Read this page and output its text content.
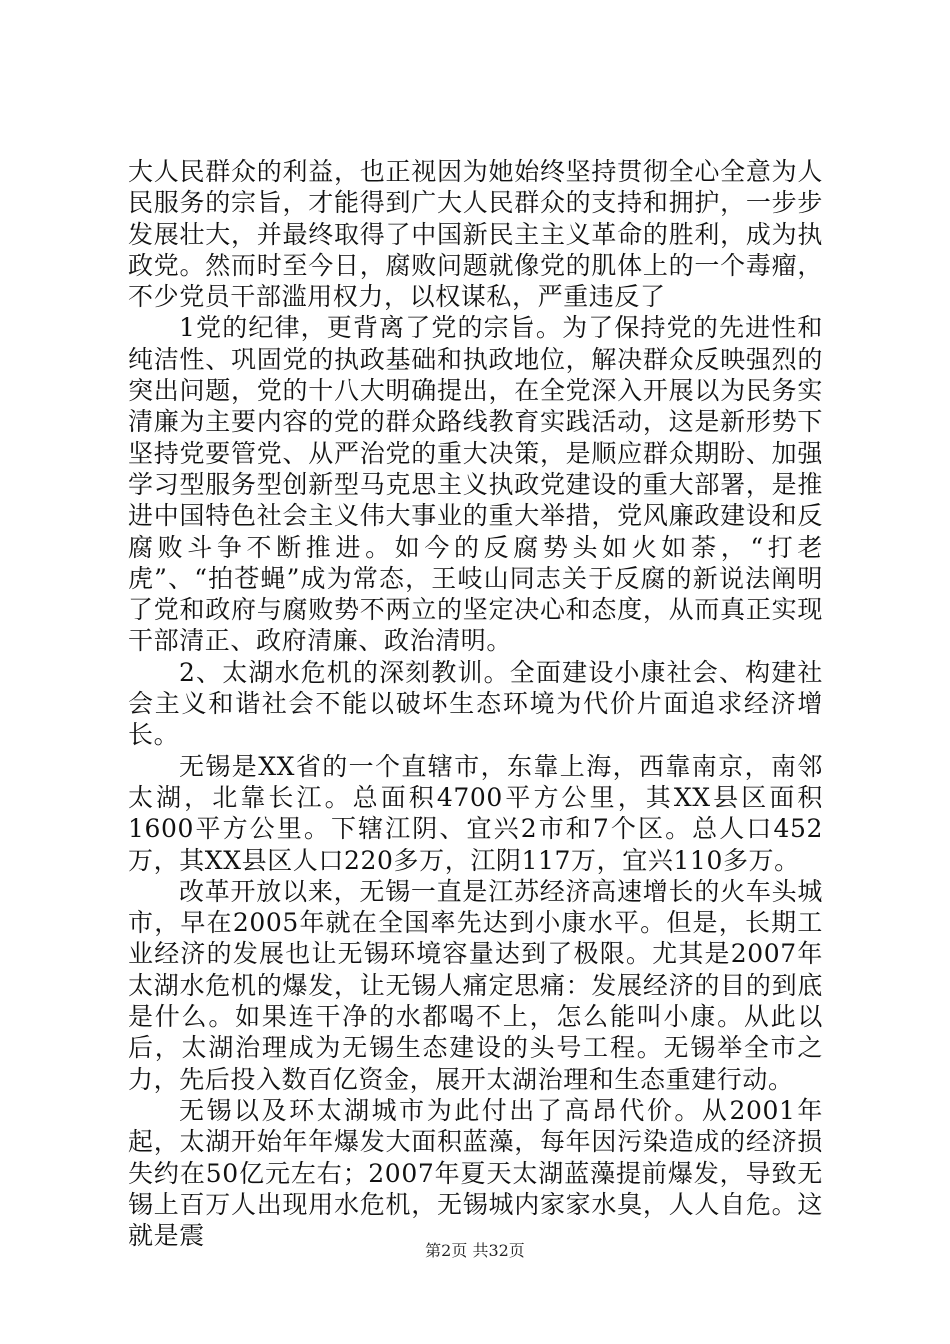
大人民群众的利益，也正视因为她始终坚持贯彻全心全意为人民服务的宗旨，才能得到广大人民群众的支持和拥护，一步步发展壮大，并最终取得了中国新民主主义革命的胜利，成为执政党。然而时至今日，腐败问题就像党的肌体上的一个毒瘤，不少党员干部滥用权力，以权谋私，严重违反了

1党的纪律，更背离了党的宗旨。为了保持党的先进性和纯洁性、巩固党的执政基础和执政地位，解决群众反映强烈的突出问题，党的十八大明确提出，在全党深入开展以为民务实清廉为主要内容的党的群众路线教育实践活动，这是新形势下坚持党要管党、从严治党的重大决策，是顺应群众期盼、加强学习型服务型创新型马克思主义执政党建设的重大部署，是推进中国特色社会主义伟大事业的重大举措，党风廉政建设和反腐败斗争不断推进。如今的反腐势头如火如荼，“打老虎”、“拍苍蝇”成为常态，王岐山同志关于反腐的新说法阐明了党和政府与腐败势不两立的坚定决心和态度，从而真正实现干部清正、政府清廉、政治清明。

2、太湖水危机的深刻教训。全面建设小康社会、构建社会主义和谐社会不能以破坏生态环境为代价片面追求经济增长。

无锡是XX省的一个直辖市，东靠上海，西靠南京，南邻太湖，北靠长江。总面积4700平方公里，其XX县区面积1600平方公里。下辖江阴、宜兴2市和7个区。总人口452万，其XX县区人口220多万，江阴117万，宜兴110多万。

改革开放以来，无锡一直是江苏经济高速增长的火车头城市，早在2005年就在全国率先达到小康水平。但是，长期工业经济的发展也让无锡环境容量达到了极限。尤其是2007年太湖水危机的爆发，让无锡人痛定思痛：发展经济的目的到底是什么。如果连干净的水都喝不上，怎么能叫小康。从此以后，太湖治理成为无锡生态建设的头号工程。无锡举全市之力，先后投入数百亿资金，展开太湖治理和生态重建行动。

无锡以及环太湖城市为此付出了高昂代价。从2001年起，太湖开始年年爆发大面积蓝藻，每年因污染造成的经济损失约在50亿元左右；2007年夏天太湖蓝藻提前爆发，导致无锡上百万人出现用水危机，无锡城内家家水臭，人人自危。这就是震

第2页 共32页
